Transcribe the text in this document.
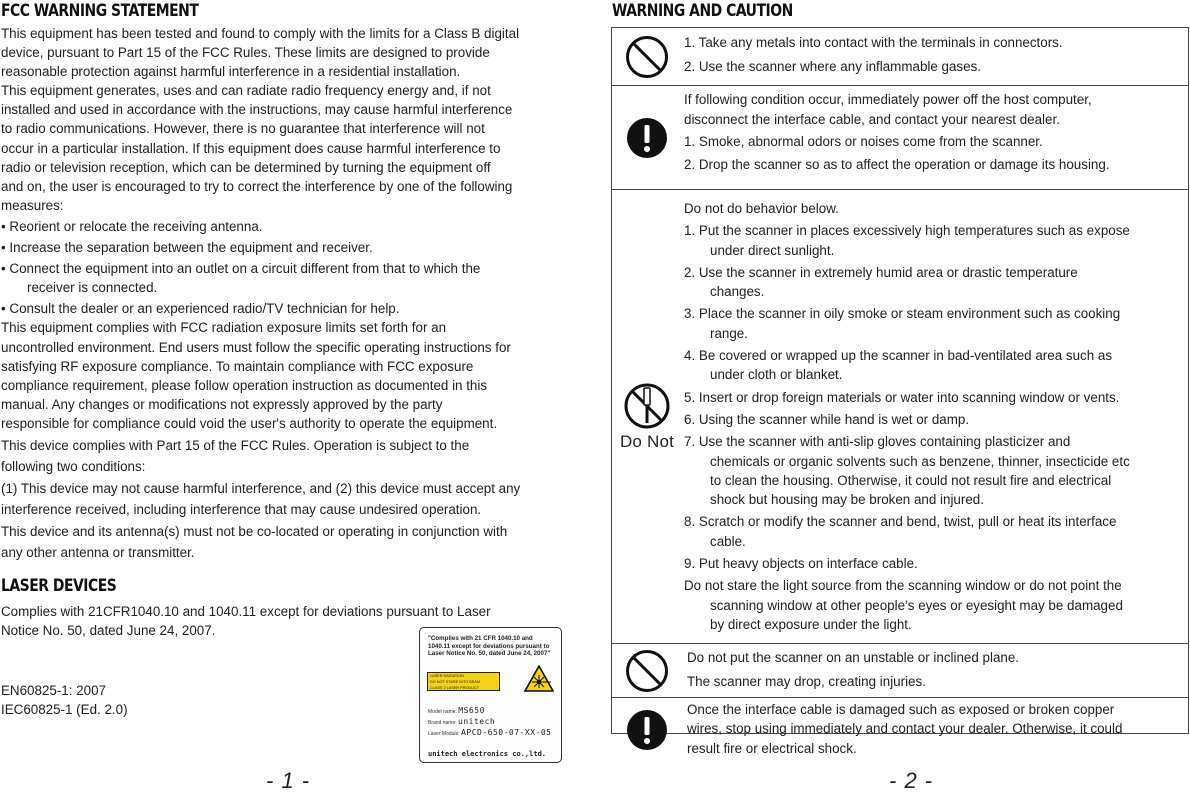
FCC WARNING STATEMENT

This equipment has been tested and found to comply with the limits for a Class B digital

device, pursuant to Part 15 of the FCC Rules. These limits are designed to provide

reasonable protection against harmful interference in a residential installation.

This equipment generates, uses and can radiate radio frequency energy and, if not

installed and used in accordance with the instructions, may cause harmful interference

to radio communications. However, there is no guarantee that interference will not

occur in a particular installation. If this equipment does cause harmful interference to

radio or television reception, which can be determined by turning the equipment off

and on, the user is encouraged to try to correct the interference by one of the following

measures:

• Reorient or relocate the receiving antenna.

• Increase the separation between the equipment and receiver.

• Connect the equipment into an outlet on a circuit different from that to which the

receiver is connected.

• Consult the dealer or an experienced radio/TV technician for help.

This equipment complies with FCC radiation exposure limits set forth for an

uncontrolled environment. End users must follow the specific operating instructions for

satisfying RF exposure compliance. To maintain compliance with FCC exposure

compliance requirement, please follow operation instruction as documented in this

manual. Any changes or modifications not expressly approved by the party

responsible for compliance could void the user's authority to operate the equipment.

This device complies with Part 15 of the FCC Rules. Operation is subject to the

following two conditions:

(1) This device may not cause harmful interference, and (2) this device must accept any

interference received, including interference that may cause undesired operation.

This device and its antenna(s) must not be co-located or operating in conjunction with

any other antenna or transmitter.

LASER DEVICES

Complies with 21CFR1040.10 and 1040.11 except for deviations pursuant to Laser

Notice No. 50, dated June 24, 2007.

EN60825-1: 2007

IEC60825-1 (Ed. 2.0)

"Complies with 21 CFR 1040.10 and
1040.11 except for deviations pursuant to
Laser Notice No. 50, dated June 24, 2007"
LASER RADIATION
DO NOT STARE INTO BEAM
CLASS 2 LASER PRODUCT
Model name: MS650
Brand name: unitech
Laser Module: APCD-650-07-XX-05
unitech electronics co.,ltd.
- 1 -
WARNING AND CAUTION

1. Take any metals into contact with the terminals in connectors.

2. Use the scanner where any inflammable gases.

If following condition occur, immediately power off the host computer,

disconnect the interface cable, and contact your nearest dealer.

1. Smoke, abnormal odors or noises come from the scanner.

2. Drop the scanner so as to affect the operation or damage its housing.

Do Not

Do not do behavior below.

1. Put the scanner in places excessively high temperatures such as expose

under direct sunlight.

2. Use the scanner in extremely humid area or drastic temperature

changes.

3. Place the scanner in oily smoke or steam environment such as cooking

range.

4. Be covered or wrapped up the scanner in bad-ventilated area such as

under cloth or blanket.

5. Insert or drop foreign materials or water into scanning window or vents.

6. Using the scanner while hand is wet or damp.

7. Use the scanner with anti-slip gloves containing plasticizer and

chemicals or organic solvents such as benzene, thinner, insecticide etc

to clean the housing. Otherwise, it could not result fire and electrical

shock but housing may be broken and injured.

8. Scratch or modify the scanner and bend, twist, pull or heat its interface

cable.

9. Put heavy objects on interface cable.

Do not stare the light source from the scanning window or do not point the

scanning window at other people’s eyes or eyesight may be damaged

by direct exposure under the light.

Do not put the scanner on an unstable or inclined plane.

The scanner may drop, creating injuries.

Once the interface cable is damaged such as exposed or broken copper

wires, stop using immediately and contact your dealer. Otherwise, it could

result fire or electrical shock.

- 2 -
